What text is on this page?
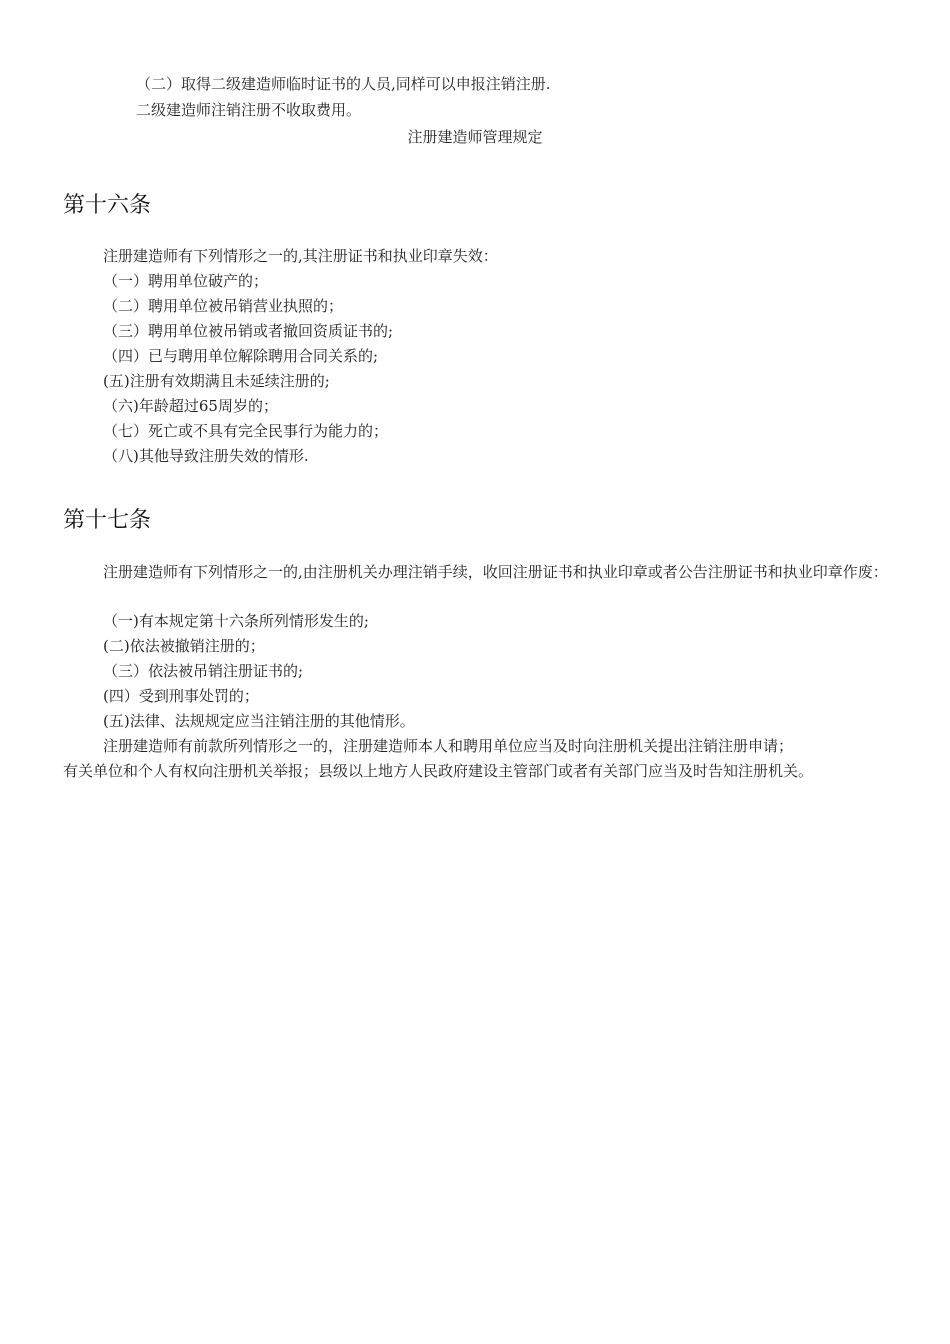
（二）取得二级建造师临时证书的人员,同样可以申报注销注册.
二级建造师注销注册不收取费用。
注册建造师管理规定
第十六条
注册建造师有下列情形之一的,其注册证书和执业印章失效：
（一）聘用单位破产的；
（二）聘用单位被吊销营业执照的；
（三）聘用单位被吊销或者撤回资质证书的;
（四）已与聘用单位解除聘用合同关系的;
(五)注册有效期满且未延续注册的;
（六)年龄超过65周岁的；
（七）死亡或不具有完全民事行为能力的；
（八)其他导致注册失效的情形.
第十七条
注册建造师有下列情形之一的,由注册机关办理注销手续，收回注册证书和执业印章或者公告注册证书和执业印章作废：
（一)有本规定第十六条所列情形发生的;
(二)依法被撤销注册的；
（三）依法被吊销注册证书的;
(四）受到刑事处罚的；
(五)法律、法规规定应当注销注册的其他情形。
注册建造师有前款所列情形之一的，注册建造师本人和聘用单位应当及时向注册机关提出注销注册申请；
有关单位和个人有权向注册机关举报；县级以上地方人民政府建设主管部门或者有关部门应当及时告知注册机关。
